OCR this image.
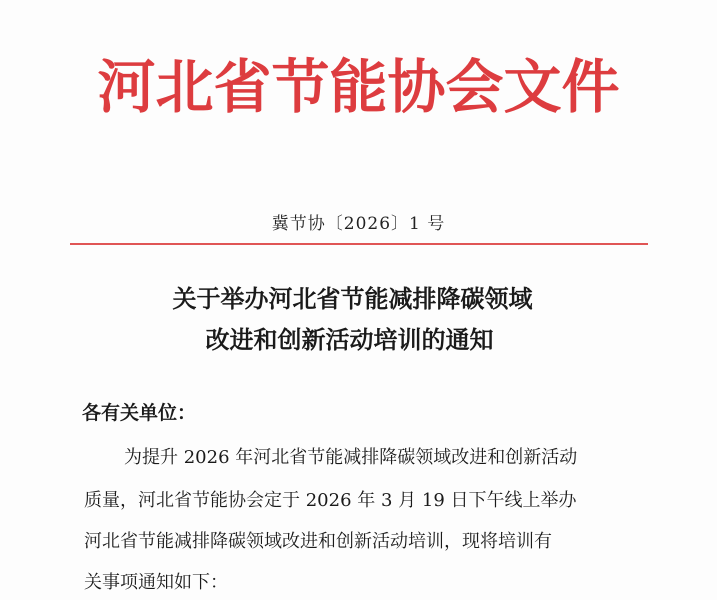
河北省节能协会文件
冀节协〔2026〕1 号
关于举办河北省节能减排降碳领域
改进和创新活动培训的通知
各有关单位：
为提升 2026 年河北省节能减排降碳领域改进和创新活动
质量，河北省节能协会定于 2026 年 3 月 19 日下午线上举办
河北省节能减排降碳领域改进和创新活动培训，现将培训有
关事项通知如下：
